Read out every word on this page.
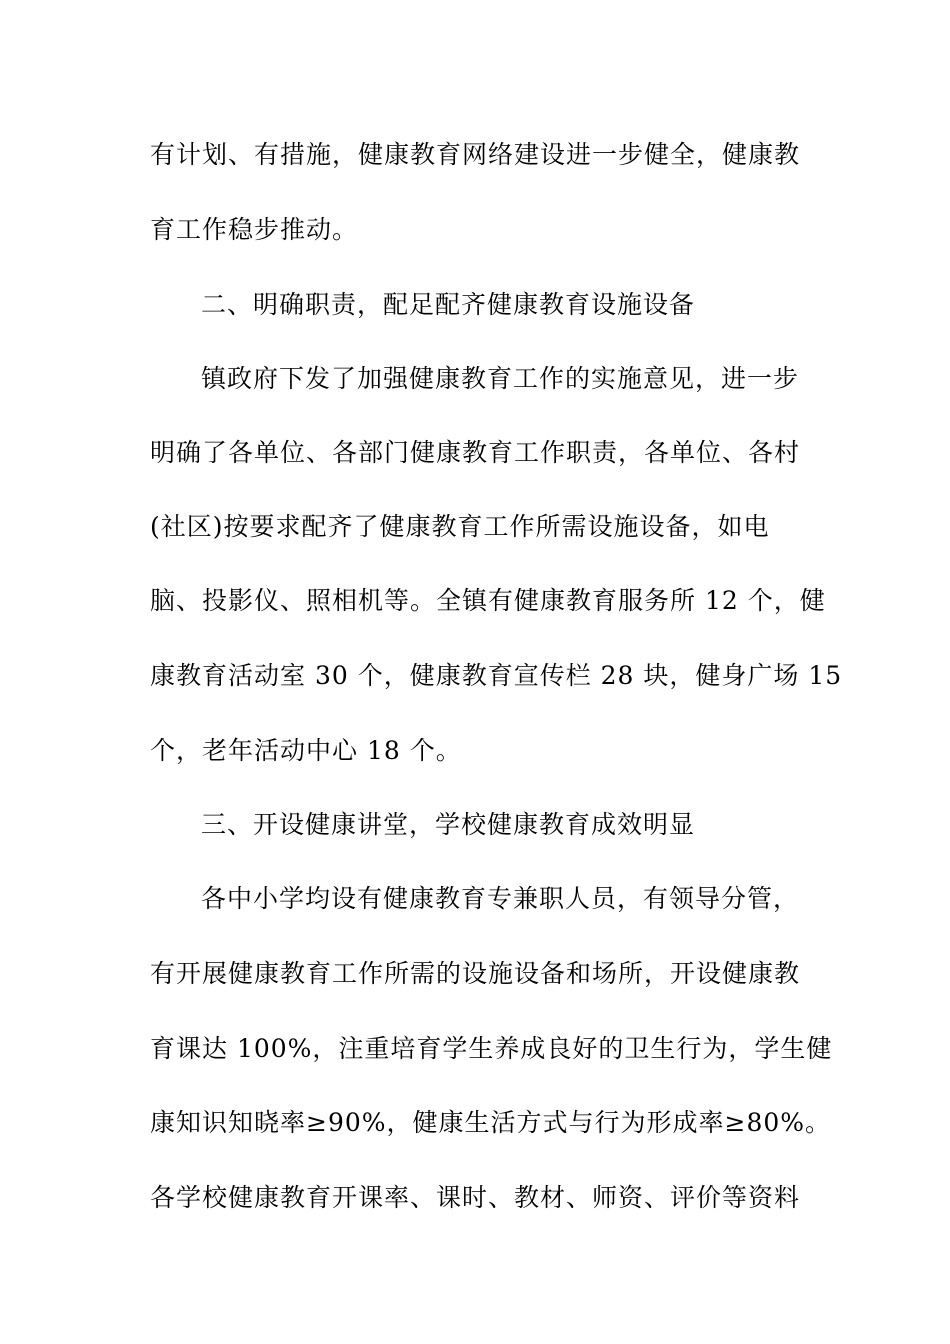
有计划、有措施，健康教育网络建设进一步健全，健康教
育工作稳步推动。
二、明确职责，配足配齐健康教育设施设备
镇政府下发了加强健康教育工作的实施意见，进一步
明确了各单位、各部门健康教育工作职责，各单位、各村
(社区)按要求配齐了健康教育工作所需设施设备，如电
脑、投影仪、照相机等。全镇有健康教育服务所 12 个，健
康教育活动室 30 个，健康教育宣传栏 28 块，健身广场 15
个，老年活动中心 18 个。
三、开设健康讲堂，学校健康教育成效明显
各中小学均设有健康教育专兼职人员，有领导分管，
有开展健康教育工作所需的设施设备和场所，开设健康教
育课达 100%，注重培育学生养成良好的卫生行为，学生健
康知识知晓率≥90%，健康生活方式与行为形成率≥80%。
各学校健康教育开课率、课时、教材、师资、评价等资料
